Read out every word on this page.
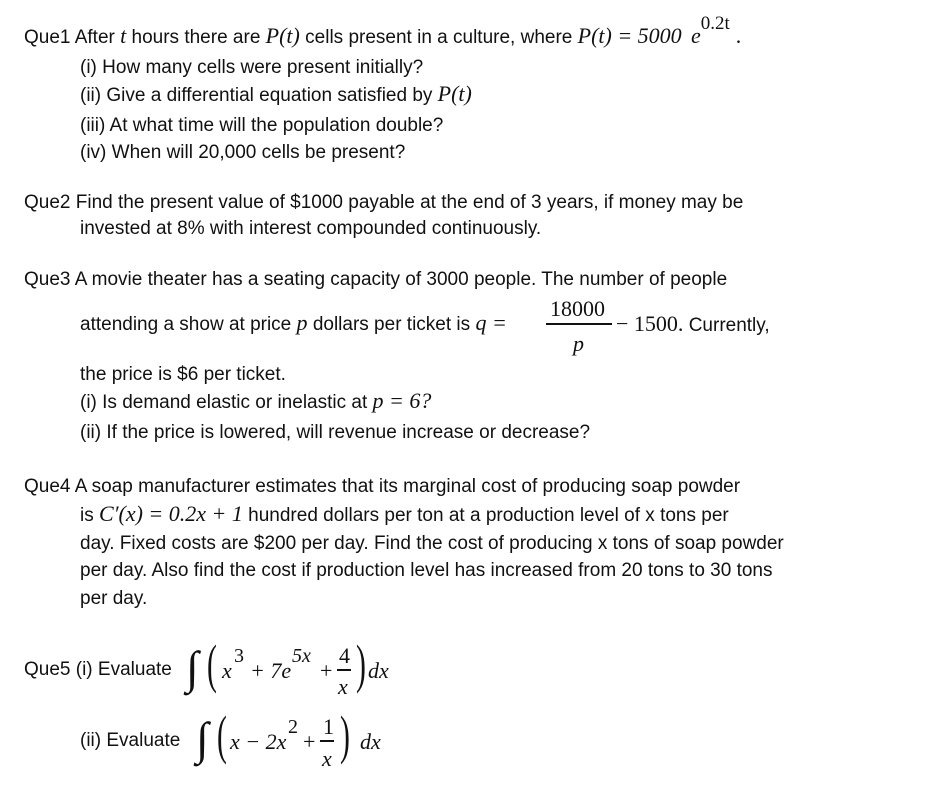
Que1 After t hours there are P(t) cells present in a culture, where P(t) = 5000 e0.2t .
(i) How many cells were present initially?
(ii) Give a differential equation satisfied by P(t)
(iii) At what time will the population double?
(iv) When will 20,000 cells be present?
Que2 Find the present value of $1000 payable at the end of 3 years, if money may be
invested at 8% with interest compounded continuously.
Que3 A movie theater has a seating capacity of 3000 people. The number of people
attending a show at price p dollars per ticket is q =
18000
p
− 1500. Currently,
the price is $6 per ticket.
(i) Is demand elastic or inelastic at p = 6?
(ii) If the price is lowered, will revenue increase or decrease?
Que4 A soap manufacturer estimates that its marginal cost of producing soap powder
is C′(x) = 0.2x + 1 hundred dollars per ton at a production level of x tons per
day. Fixed costs are $200 per day. Find the cost of producing x tons of soap powder
per day. Also find the cost if production level has increased from 20 tons to 30 tons
per day.
Que5 (i) Evaluate ∫ ( x
3
+ 7e
5x
+
4
x ) dx
(ii) Evaluate ∫ ( x − 2x
2
+
1
x ) dx
